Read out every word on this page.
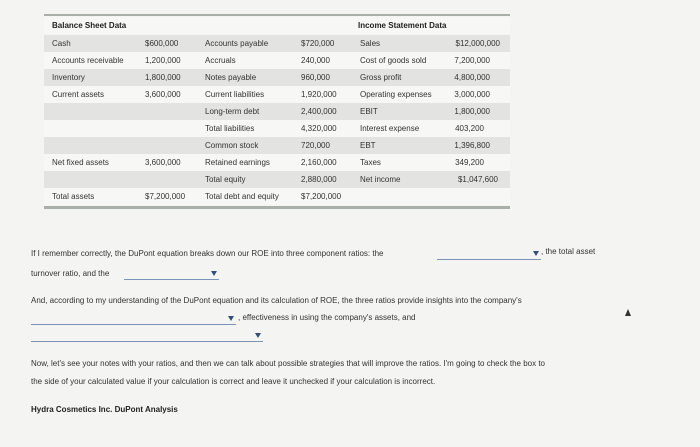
Balance Sheet Data	Income Statement Data
Cash
Accounts receivable
Inventory
Current assets
Net fixed assets
Total assets
$600,000
1,200,000
1,800,000
3,600,000
3,600,000
$7,200,000
Accounts payable
Accruals
Notes payable
Current liabilities
Long-term debt
Total liabilities
Common stock
Retained earnings
Total equity
Total debt and equity
$720,000
240,000
960,000
1,920,000
2,400,000
4,320,000
720,000
2,160,000
2,880,000
$7,200,000
Sales
Cost of goods sold
Gross profit
Operating expenses
EBIT
Interest expense
EBT
Taxes
Net income
$12,000,000
7,200,000
4,800,000
3,000,000
1,800,000
403,200
1,396,800
349,200
$1,047,600
If I remember correctly, the DuPont equation breaks down our ROE into three component ratios: the	, the total asset
turnover ratio, and the
And, according to my understanding of the DuPont equation and its calculation of ROE, the three ratios provide insights into the company's
, effectiveness in using the company's assets, and
Now, let's see your notes with your ratios, and then we can talk about possible strategies that will improve the ratios. I'm going to check the box to
the side of your calculated value if your calculation is correct and leave it unchecked if your calculation is incorrect.
Hydra Cosmetics Inc. DuPont Analysis
